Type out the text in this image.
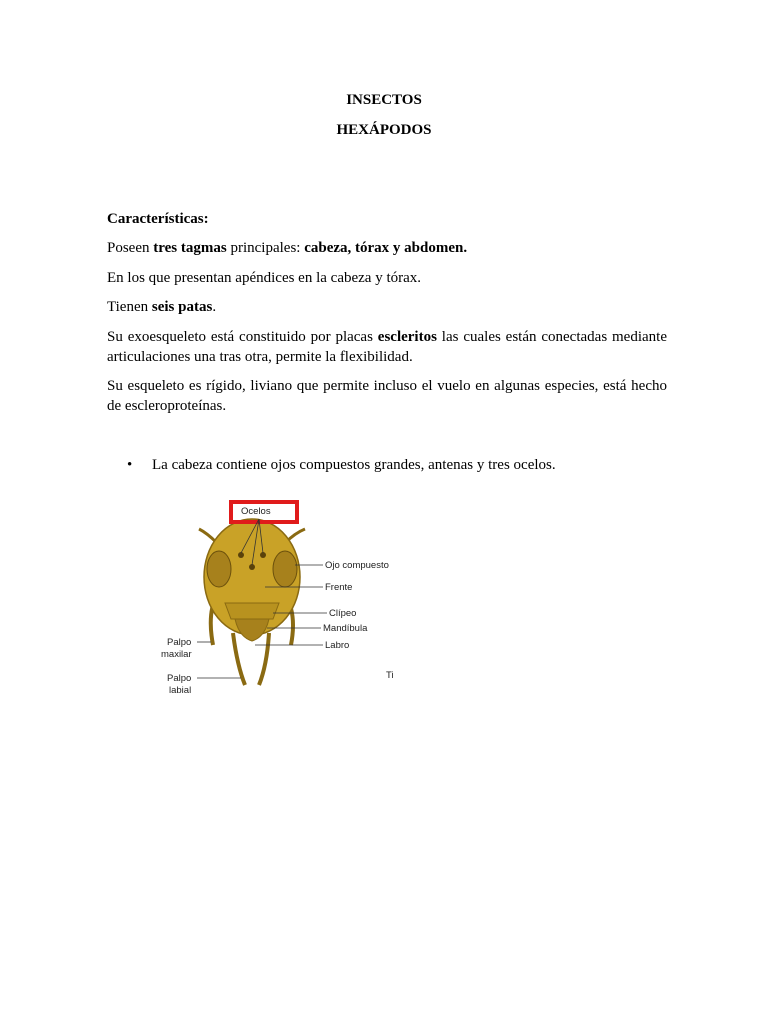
INSECTOS
HEXÁPODOS
Características:

Poseen tres tagmas principales: cabeza, tórax y abdomen.

En los que presentan apéndices en la cabeza y tórax.

Tienen seis patas.

Su exoesqueleto está constituido por placas escleritos las cuales están conectadas mediante articulaciones una tras otra, permite la flexibilidad.

Su esqueleto es rígido, liviano que permite incluso el vuelo en algunas especies, está hecho de escleroproteínas.

• La cabeza contiene ojos compuestos grandes, antenas y tres ocelos.
Ocelos
Ojo compuesto
Frente
Clípeo
Mandíbula
Labro
Ti
Palpo
maxilar
Palpo
labial
